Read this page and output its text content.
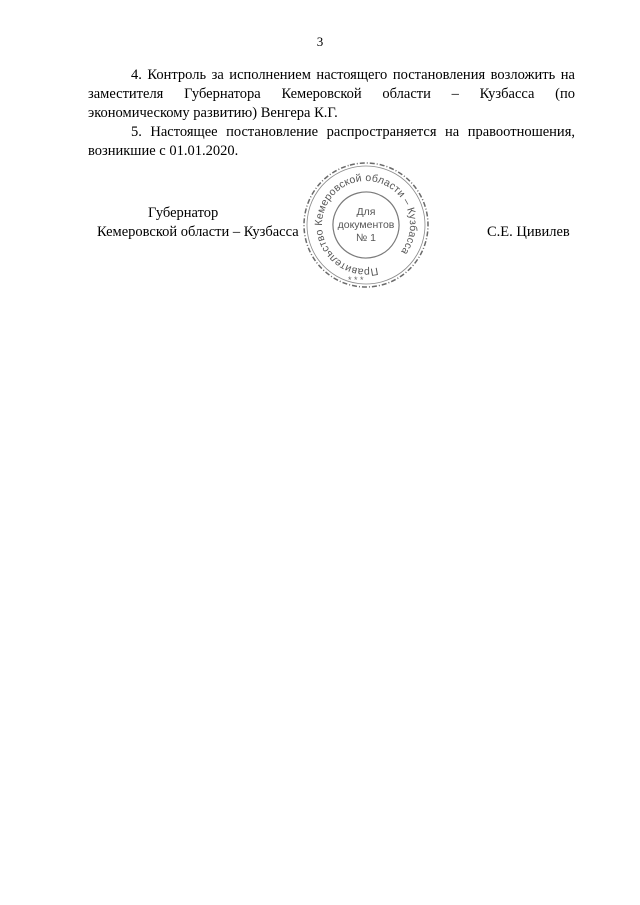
3

4. Контроль за исполнением настоящего постановления возложить на заместителя Губернатора Кемеровской области – Кузбасса (по экономическому развитию) Венгера К.Г.

5. Настоящее постановление распространяется на правоотношения, возникшие с 01.01.2020.

Губернатор
Кемеровской области – Кузбасса	С.Е. Цивилев
Правительство Кемеровской области – Кузбасса
* * *
Для
документов
№ 1
